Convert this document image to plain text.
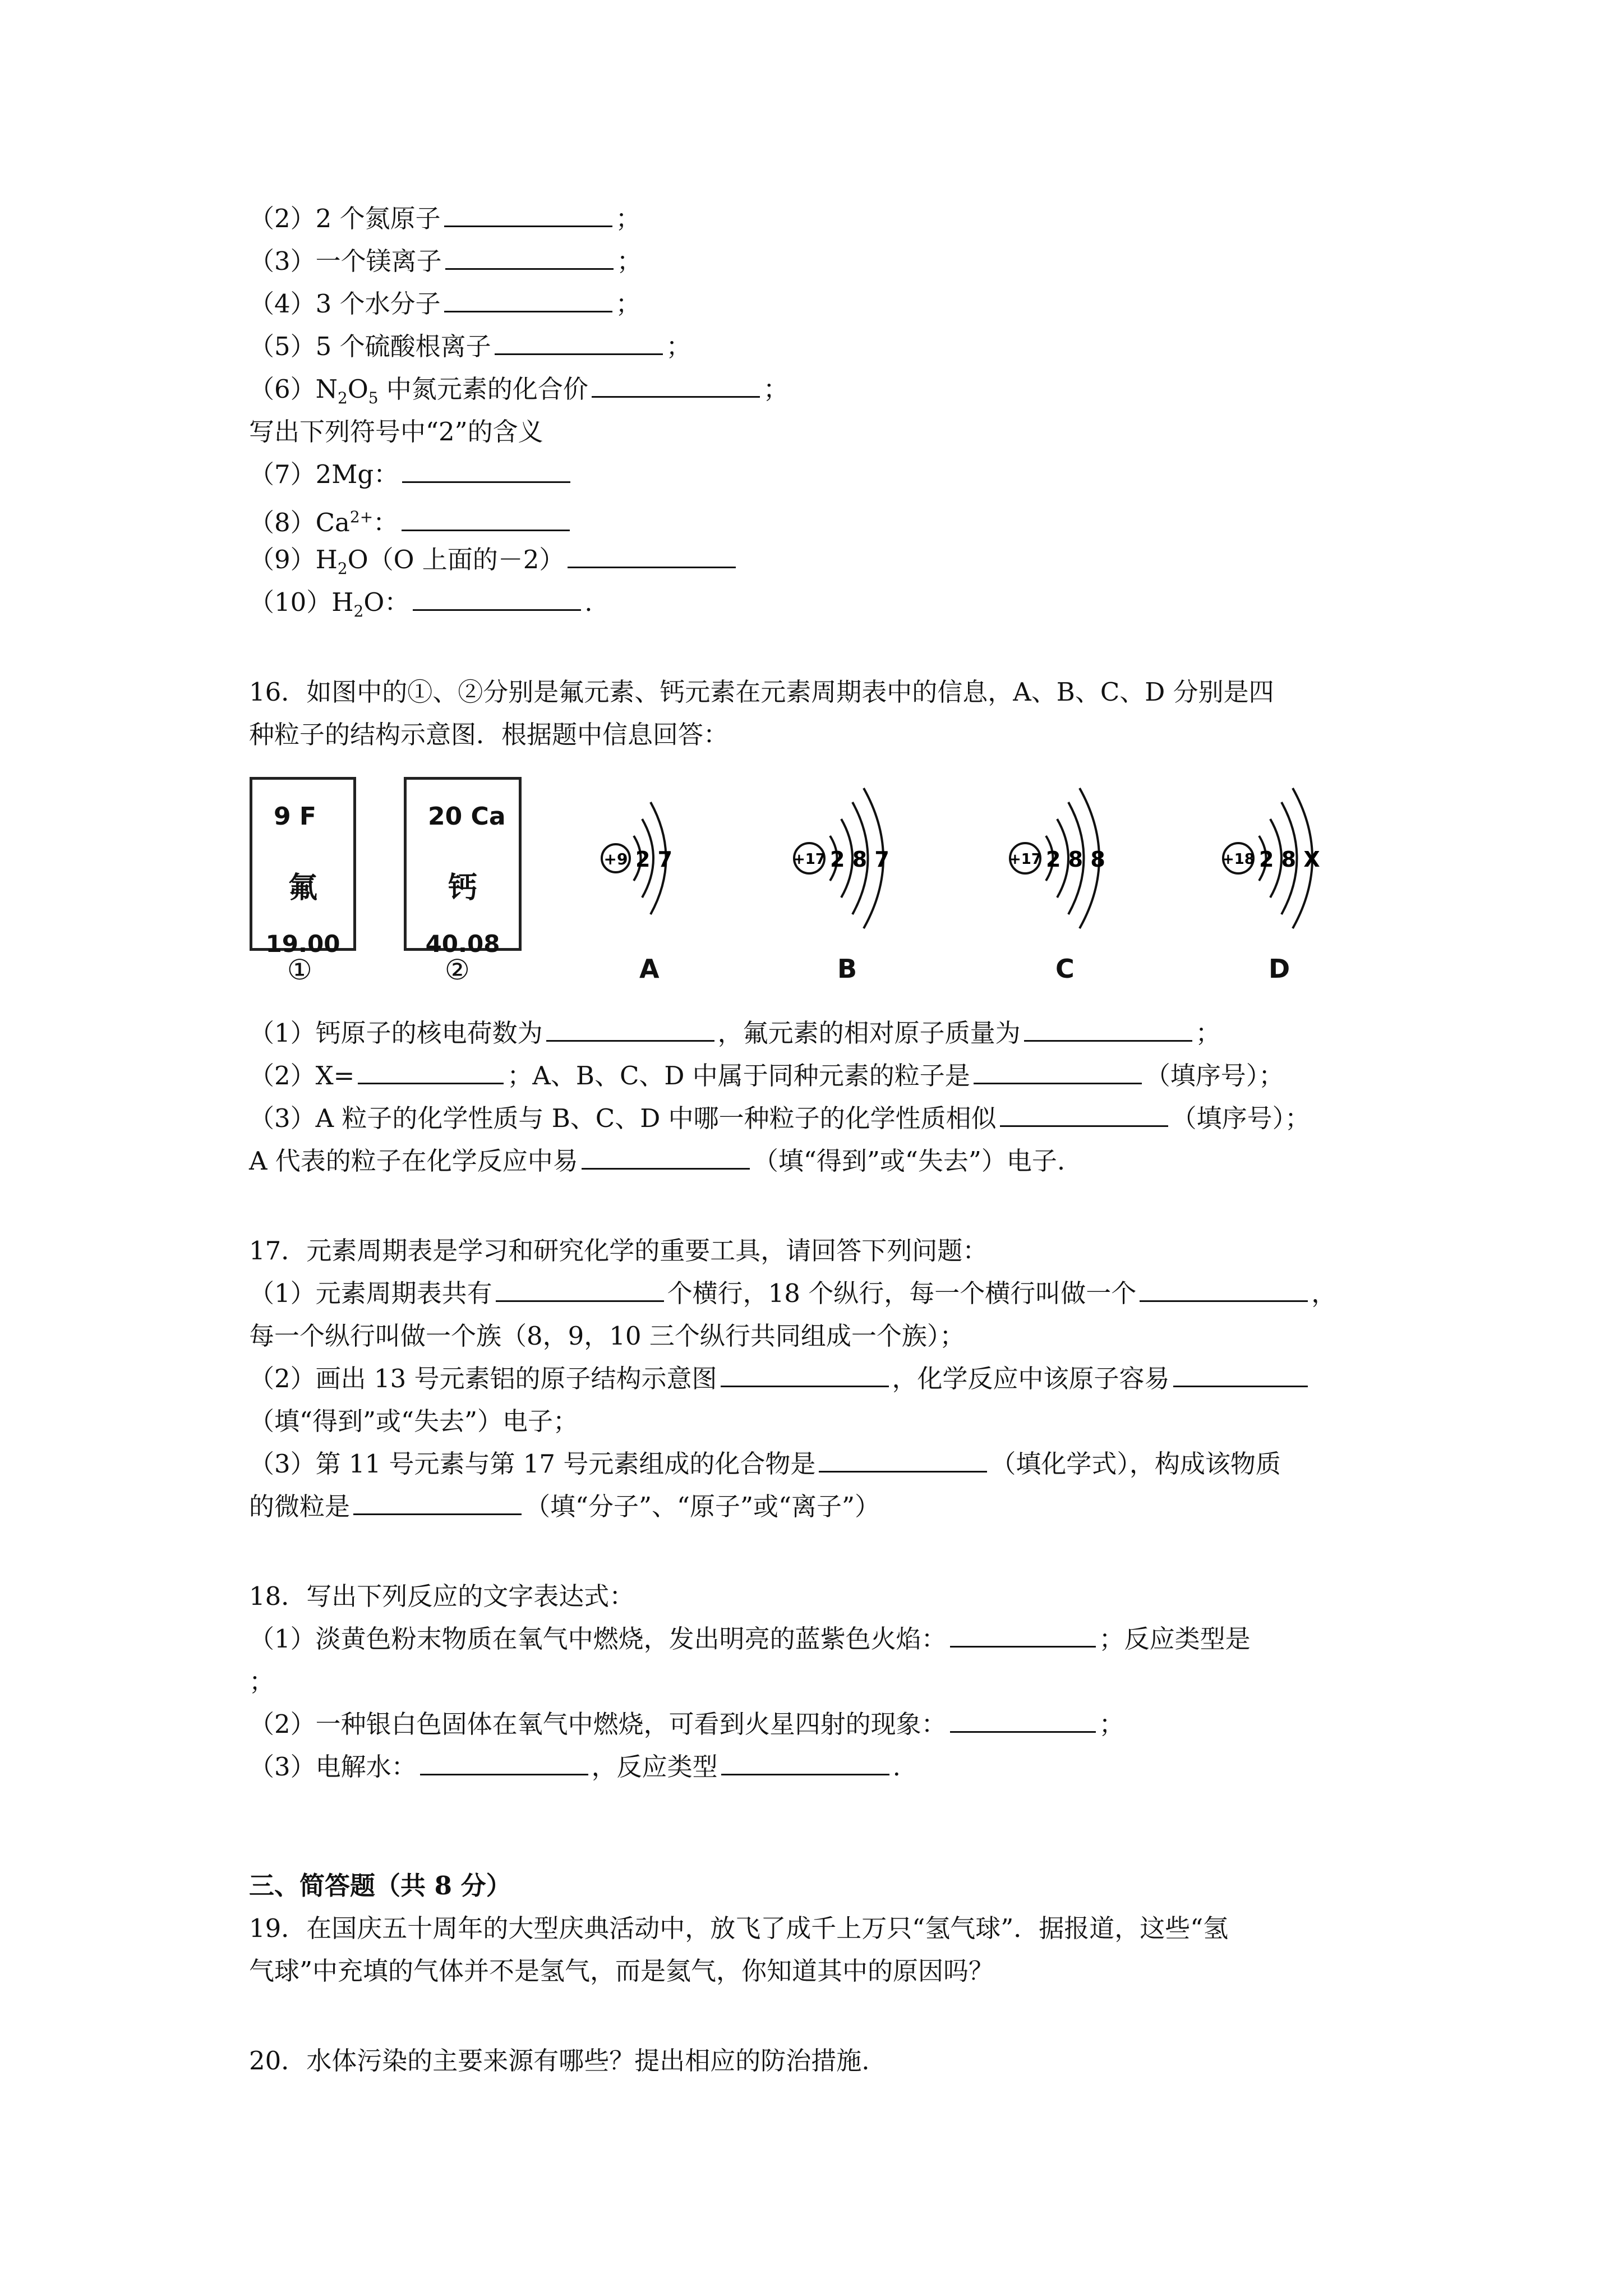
（2）2 个氮原子	；
（3）一个镁离子	；
（4）3 个水分子	；
（5）5 个硫酸根离子	；
$(6)N_2O_5$ 中氮元素的化合价	；
写出下列符号中“2”的含义
（7）2Mg：
$(8)Ca^{2+}$：
$(9)H_2O(O$ 上面的－2）
$(10)H_2O$：	.
16．如图中的①、②分别是氟元素、钙元素在元素周期表中的信息，A、B、C、D 分别是四
种粒子的结构示意图．根据题中信息回答：
9 F
氟
19.00
①
20 Ca
钙
40.08
②
+9 2 7
A
+17 2 8 7
B
+17 2 8 8
C
+18 2 8 X
D
（1）钙原子的核电荷数为	，氟元素的相对原子质量为	；
（2）X=	；A、B、C、D 中属于同种元素的粒子是	（填序号）；
（3）A 粒子的化学性质与 B、C、D 中哪一种粒子的化学性质相似	（填序号）；
A 代表的粒子在化学反应中易	（填“得到”或“失去”）电子.
17．元素周期表是学习和研究化学的重要工具，请回答下列问题：
（1）元素周期表共有	个横行，18 个纵行，每一个横行叫做一个	，
每一个纵行叫做一个族（8，9，10 三个纵行共同组成一个族）；
（2）画出 13 号元素铝的原子结构示意图	，化学反应中该原子容易
（填“得到”或“失去”）电子；
（3）第 11 号元素与第 17 号元素组成的化合物是	（填化学式），构成该物质
的微粒是	（填“分子”、“原子”或“离子”）
18．写出下列反应的文字表达式：
（1）淡黄色粉末物质在氧气中燃烧，发出明亮的蓝紫色火焰：	；反应类型是
；
（2）一种银白色固体在氧气中燃烧，可看到火星四射的现象：	；
（3）电解水：	，反应类型	.
三、简答题（共 8 分）
19．在国庆五十周年的大型庆典活动中，放飞了成千上万只“氢气球”．据报道，这些“氢
气球”中充填的气体并不是氢气，而是氦气，你知道其中的原因吗？
20．水体污染的主要来源有哪些？提出相应的防治措施.
